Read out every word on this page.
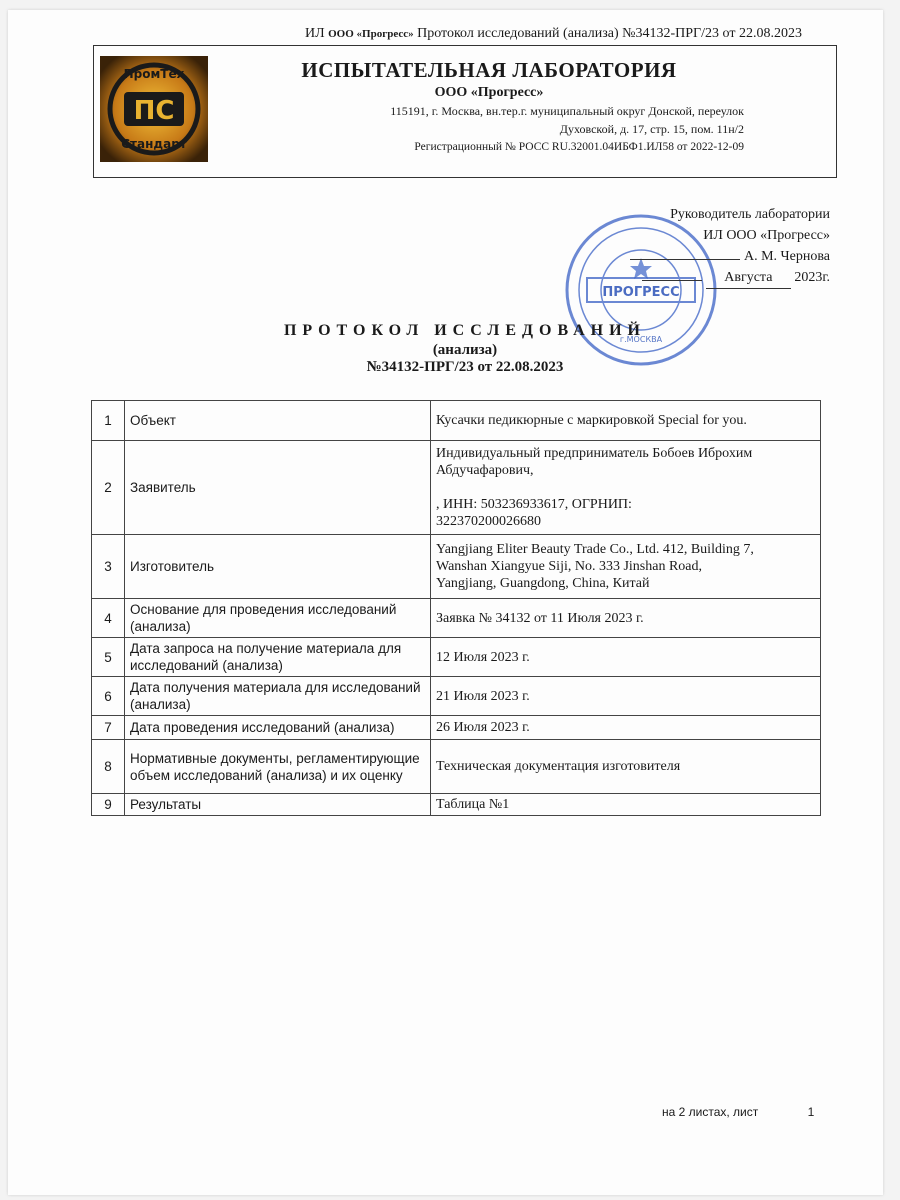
ИЛ ООО «Прогресс» Протокол исследований (анализа) №34132-ПРГ/23 от 22.08.2023
ПС
ПромТех
Стандарт
ИСПЫТАТЕЛЬНАЯ ЛАБОРАТОРИЯ
ООО «Прогресс»
115191, г. Москва, вн.тер.г. муниципальный округ Донской, переулок
Духовской, д. 17, стр. 15, пом. 11н/2
Регистрационный № РОСС RU.32001.04ИБФ1.ИЛ58 от 2022-12-09
ПРОГРЕСС
г.МОСКВА
Руководитель лаборатории
ИЛ ООО «Прогресс»
А. М. Чернова
Августа 2023г.
ПРОТОКОЛ ИССЛЕДОВАНИЙ
(анализа)
№34132-ПРГ/23 от 22.08.2023
1	Объект	Кусачки педикюрные с маркировкой Special for you.
2	Заявитель	Индивидуальный предприниматель Бобоев Иброхим
Абдучафарович,
, ИНН: 503236933617, ОГРНИП:
322370200026680

3	Изготовитель	Yangjiang Eliter Beauty Trade Co., Ltd. 412, Building 7,
Wanshan Xiangyue Siji, No. 333 Jinshan Road,
Yangjiang, Guangdong, China, Китай

4	Основание для проведения исследований (анализа)	Заявка № 34132 от 11 Июля 2023 г.
5	Дата запроса на получение материала для исследований (анализа)	12 Июля 2023 г.
6	Дата получения материала для исследований (анализа)	21 Июля 2023 г.
7	Дата проведения исследований (анализа)	26 Июля 2023 г.
8	Нормативные документы, регламентирующие объем исследований (анализа) и их оценку	Техническая документация изготовителя
9	Результаты	Таблица №1
на 2 листах, лист	1
